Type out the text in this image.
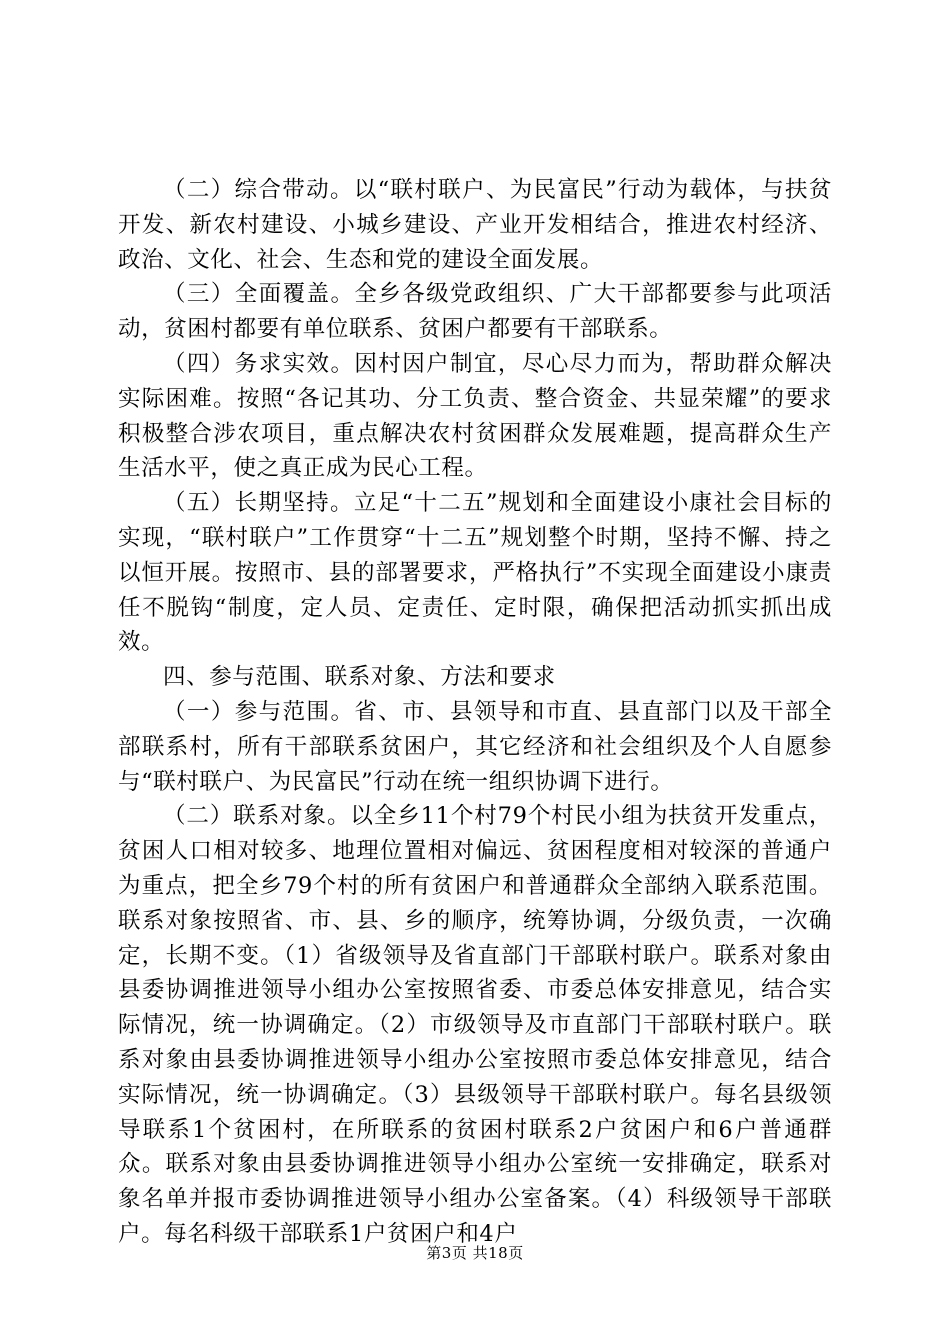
（二）综合带动。以“联村联户、为民富民”行动为载体，与扶贫开发、新农村建设、小城乡建设、产业开发相结合，推进农村经济、政治、文化、社会、生态和党的建设全面发展。

（三）全面覆盖。全乡各级党政组织、广大干部都要参与此项活动，贫困村都要有单位联系、贫困户都要有干部联系。

（四）务求实效。因村因户制宜，尽心尽力而为，帮助群众解决实际困难。按照“各记其功、分工负责、整合资金、共显荣耀”的要求积极整合涉农项目，重点解决农村贫困群众发展难题，提高群众生产生活水平，使之真正成为民心工程。

（五）长期坚持。立足“十二五”规划和全面建设小康社会目标的实现，“联村联户”工作贯穿“十二五”规划整个时期，坚持不懈、持之以恒开展。按照市、县的部署要求，严格执行”不实现全面建设小康责任不脱钩“制度，定人员、定责任、定时限，确保把活动抓实抓出成效。

四、参与范围、联系对象、方法和要求

（一）参与范围。省、市、县领导和市直、县直部门以及干部全部联系村，所有干部联系贫困户，其它经济和社会组织及个人自愿参与“联村联户、为民富民”行动在统一组织协调下进行。

（二）联系对象。以全乡11个村79个村民小组为扶贫开发重点，贫困人口相对较多、地理位置相对偏远、贫困程度相对较深的普通户为重点，把全乡79个村的所有贫困户和普通群众全部纳入联系范围。联系对象按照省、市、县、乡的顺序，统筹协调，分级负责，一次确定，长期不变。（1）省级领导及省直部门干部联村联户。联系对象由县委协调推进领导小组办公室按照省委、市委总体安排意见，结合实际情况，统一协调确定。（2）市级领导及市直部门干部联村联户。联系对象由县委协调推进领导小组办公室按照市委总体安排意见，结合实际情况，统一协调确定。（3）县级领导干部联村联户。每名县级领导联系1个贫困村，在所联系的贫困村联系2户贫困户和6户普通群众。联系对象由县委协调推进领导小组办公室统一安排确定，联系对象名单并报市委协调推进领导小组办公室备案。（4）科级领导干部联户。每名科级干部联系1户贫困户和4户

第3页 共18页
